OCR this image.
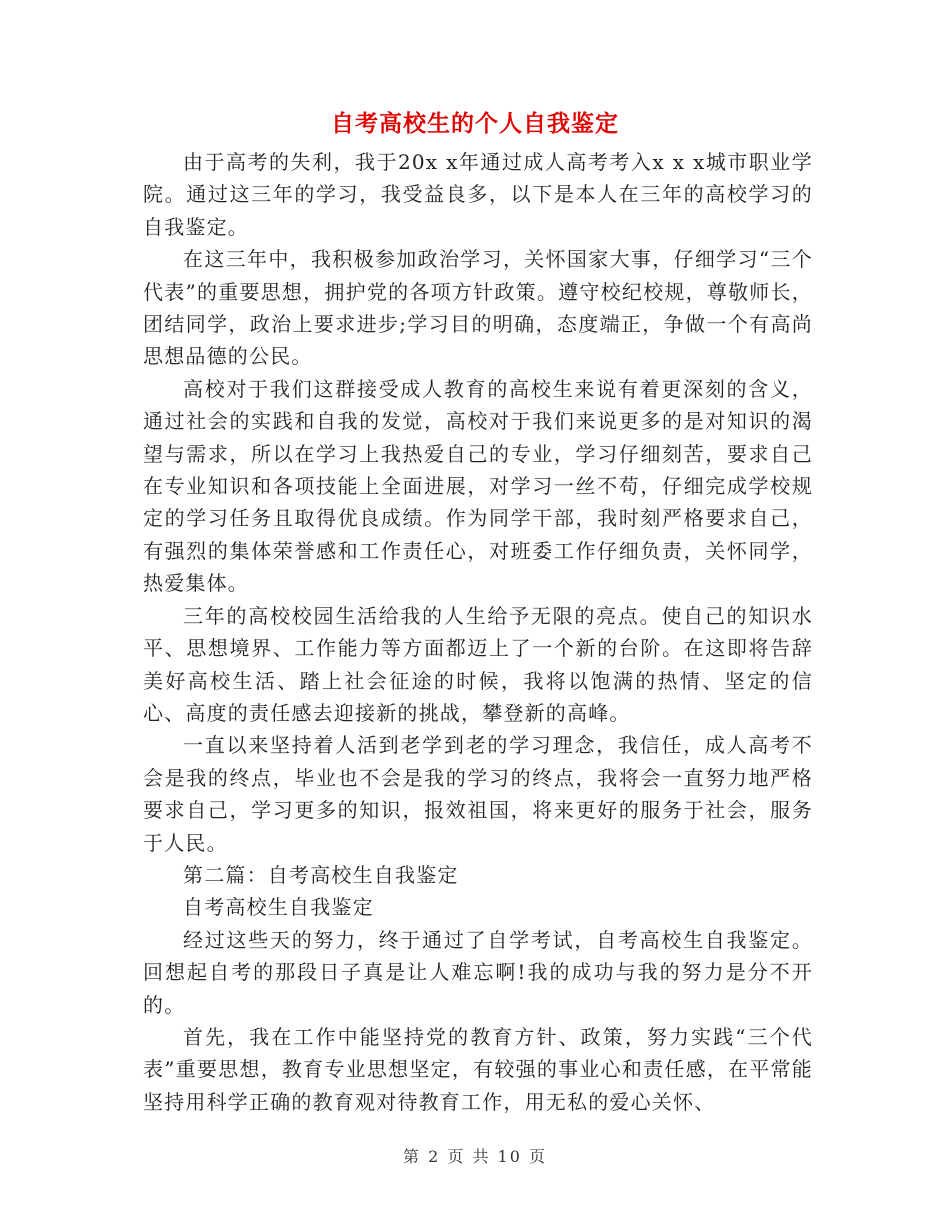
自考高校生的个人自我鉴定

由于高考的失利，我于20x x年通过成人高考考入x x x城市职业学院。通过这三年的学习，我受益良多，以下是本人在三年的高校学习的自我鉴定。

在这三年中，我积极参加政治学习，关怀国家大事，仔细学习“三个代表”的重要思想，拥护党的各项方针政策。遵守校纪校规，尊敬师长，团结同学，政治上要求进步;学习目的明确，态度端正，争做一个有高尚思想品德的公民。

高校对于我们这群接受成人教育的高校生来说有着更深刻的含义，通过社会的实践和自我的发觉，高校对于我们来说更多的是对知识的渴望与需求，所以在学习上我热爱自己的专业，学习仔细刻苦，要求自己在专业知识和各项技能上全面进展，对学习一丝不苟，仔细完成学校规定的学习任务且取得优良成绩。作为同学干部，我时刻严格要求自己，有强烈的集体荣誉感和工作责任心，对班委工作仔细负责，关怀同学，热爱集体。

三年的高校校园生活给我的人生给予无限的亮点。使自己的知识水平、思想境界、工作能力等方面都迈上了一个新的台阶。在这即将告辞美好高校生活、踏上社会征途的时候，我将以饱满的热情、坚定的信心、高度的责任感去迎接新的挑战，攀登新的高峰。

一直以来坚持着人活到老学到老的学习理念，我信任，成人高考不会是我的终点，毕业也不会是我的学习的终点，我将会一直努力地严格要求自己，学习更多的知识，报效祖国，将来更好的服务于社会，服务于人民。

第二篇：自考高校生自我鉴定

自考高校生自我鉴定

经过这些天的努力，终于通过了自学考试，自考高校生自我鉴定。回想起自考的那段日子真是让人难忘啊!我的成功与我的努力是分不开的。

首先，我在工作中能坚持党的教育方针、政策，努力实践“三个代表”重要思想，教育专业思想坚定，有较强的事业心和责任感，在平常能坚持用科学正确的教育观对待教育工作，用无私的爱心关怀、

第 2 页 共 10 页
